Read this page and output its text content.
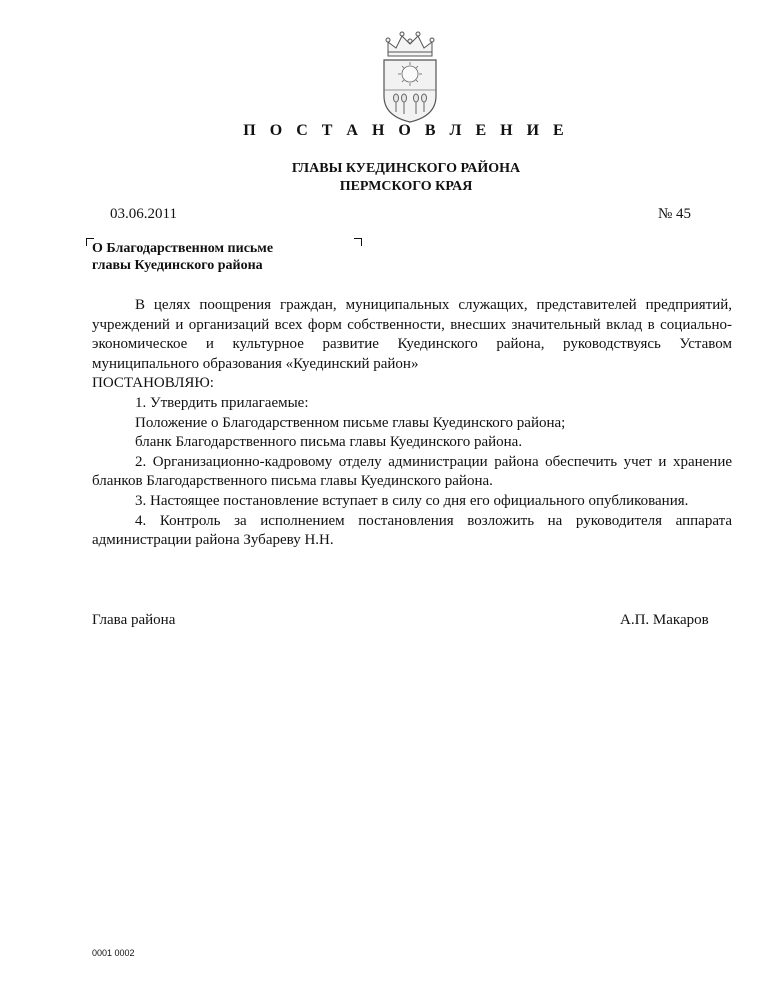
П О С Т А Н О В Л Е Н И Е
ГЛАВЫ КУЕДИНСКОГО РАЙОНА
ПЕРМСКОГО КРАЯ
03.06.2011	№ 45
О Благодарственном письме
главы Куединского района

В целях поощрения граждан, муниципальных служащих, представителей предприятий, учреждений и организаций всех форм собственности, внесших значительный вклад в социально-экономическое и культурное развитие Куединского района, руководствуясь Уставом муниципального образования «Куединский район»

ПОСТАНОВЛЯЮ:

1. Утвердить прилагаемые:

Положение о Благодарственном письме главы Куединского района;

бланк Благодарственного письма главы Куединского района.

2. Организационно-кадровому отделу администрации района обеспечить учет и хранение бланков Благодарственного письма главы Куединского района.

3. Настоящее постановление вступает в силу со дня его официального опубликования.

4. Контроль за исполнением постановления возложить на руководителя аппарата администрации района Зубареву Н.Н.

Глава района	А.П. Макаров
0001 0002
